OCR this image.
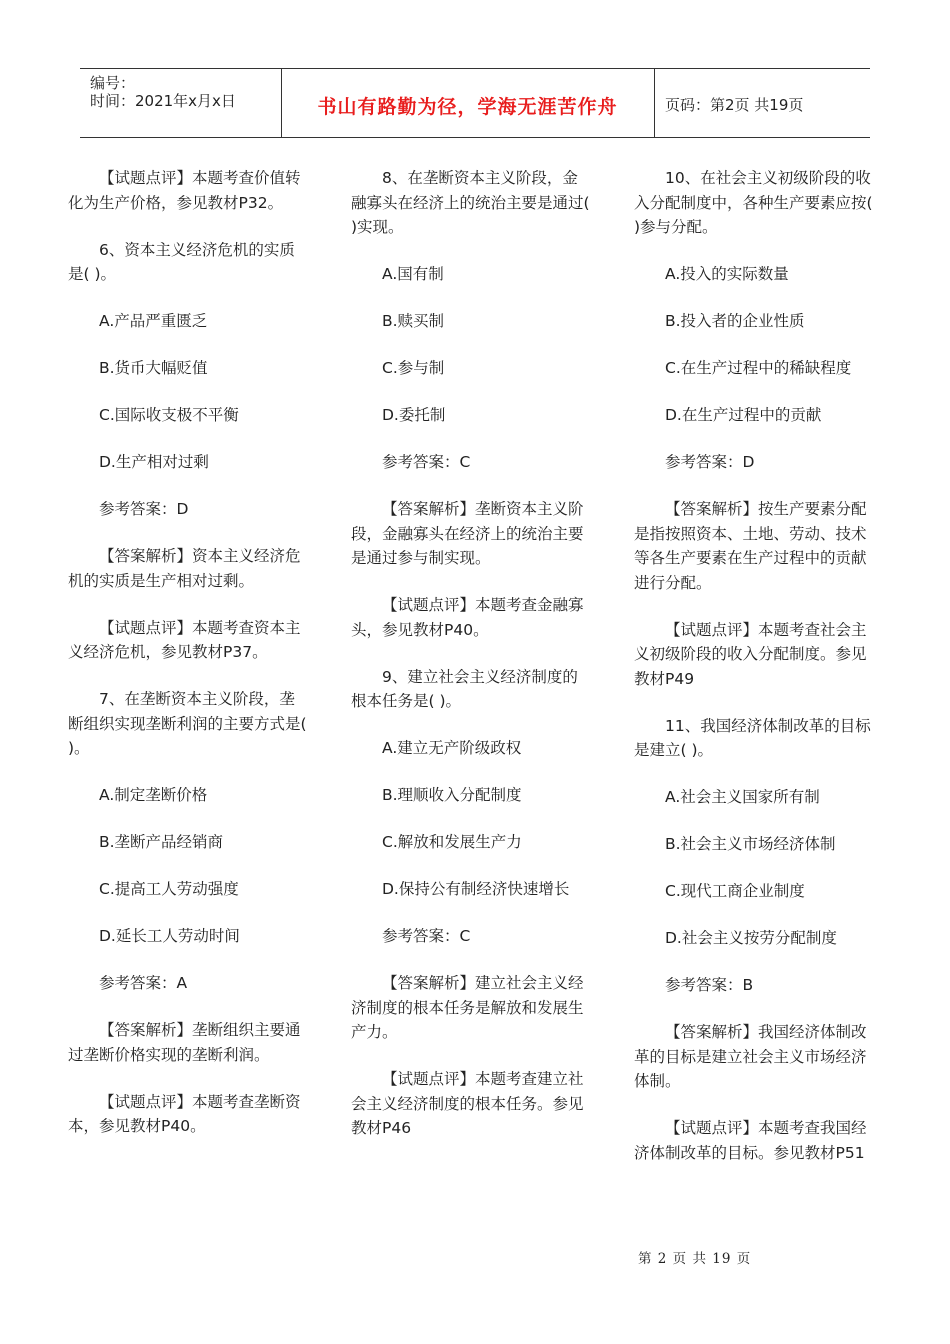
编号：
时间：2021年x月x日	书山有路勤为径，学海无涯苦作舟	页码：第2页 共19页

【试题点评】本题考查价值转化为生产价格，参见教材P32。

6、资本主义经济危机的实质是( )。

A.产品严重匮乏

B.货币大幅贬值

C.国际收支极不平衡

D.生产相对过剩

参考答案：D

【答案解析】资本主义经济危机的实质是生产相对过剩。

【试题点评】本题考查资本主义经济危机，参见教材P37。

7、在垄断资本主义阶段，垄断组织实现垄断利润的主要方式是( )。

A.制定垄断价格

B.垄断产品经销商

C.提高工人劳动强度

D.延长工人劳动时间

参考答案：A

【答案解析】垄断组织主要通过垄断价格实现的垄断利润。

【试题点评】本题考查垄断资本，参见教材P40。

8、在垄断资本主义阶段，金融寡头在经济上的统治主要是通过( )实现。

A.国有制

B.赎买制

C.参与制

D.委托制

参考答案：C

【答案解析】垄断资本主义阶段，金融寡头在经济上的统治主要是通过参与制实现。

【试题点评】本题考查金融寡头，参见教材P40。

9、建立社会主义经济制度的根本任务是( )。

A.建立无产阶级政权

B.理顺收入分配制度

C.解放和发展生产力

D.保持公有制经济快速增长

参考答案：C

【答案解析】建立社会主义经济制度的根本任务是解放和发展生产力。

【试题点评】本题考查建立社会主义经济制度的根本任务。参见教材P46

10、在社会主义初级阶段的收入分配制度中，各种生产要素应按( )参与分配。

A.投入的实际数量

B.投入者的企业性质

C.在生产过程中的稀缺程度

D.在生产过程中的贡献

参考答案：D

【答案解析】按生产要素分配是指按照资本、土地、劳动、技术等各生产要素在生产过程中的贡献进行分配。

【试题点评】本题考查社会主义初级阶段的收入分配制度。参见教材P49

11、我国经济体制改革的目标是建立( )。

A.社会主义国家所有制

B.社会主义市场经济体制

C.现代工商企业制度

D.社会主义按劳分配制度

参考答案：B

【答案解析】我国经济体制改革的目标是建立社会主义市场经济体制。

【试题点评】本题考查我国经济体制改革的目标。参见教材P51

第 2 页 共 19 页
